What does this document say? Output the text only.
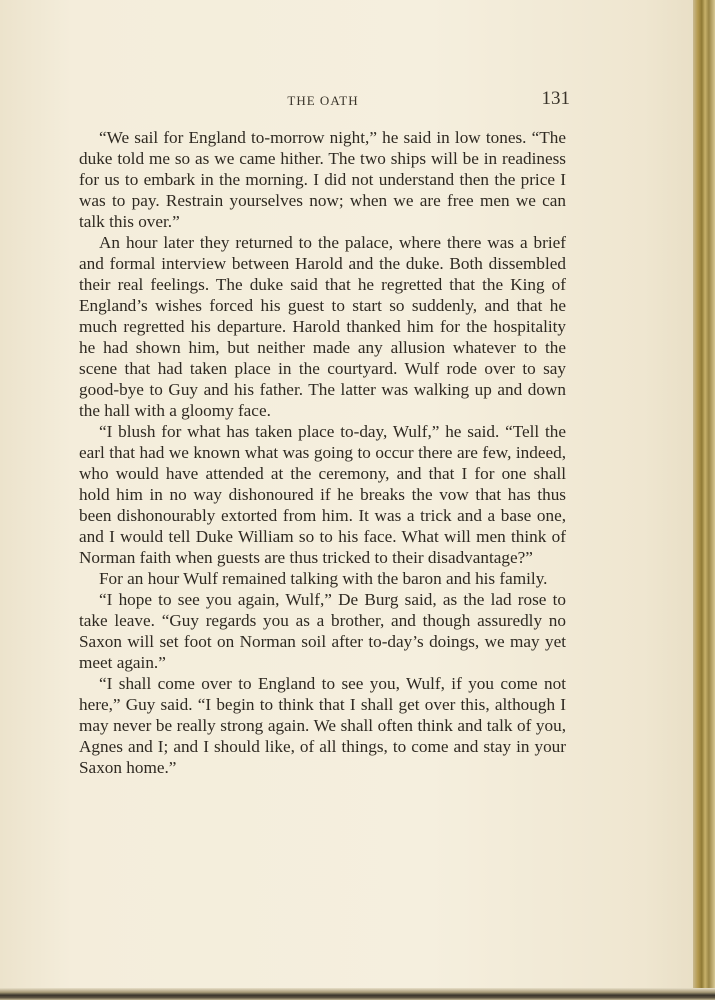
THE OATH	131

“We sail for England to-morrow night,” he said in low tones. “The duke told me so as we came hither. The two ships will be in readiness for us to embark in the morning. I did not understand then the price I was to pay. Restrain yourselves now; when we are free men we can talk this over.”

An hour later they returned to the palace, where there was a brief and formal interview between Harold and the duke. Both dissembled their real feelings. The duke said that he regretted that the King of England’s wishes forced his guest to start so suddenly, and that he much regretted his departure. Harold thanked him for the hospitality he had shown him, but neither made any allusion whatever to the scene that had taken place in the courtyard. Wulf rode over to say good-bye to Guy and his father. The latter was walking up and down the hall with a gloomy face.

“I blush for what has taken place to-day, Wulf,” he said. “Tell the earl that had we known what was going to occur there are few, indeed, who would have attended at the ceremony, and that I for one shall hold him in no way dishonoured if he breaks the vow that has thus been dishonourably extorted from him. It was a trick and a base one, and I would tell Duke William so to his face. What will men think of Norman faith when guests are thus tricked to their disadvantage?”

For an hour Wulf remained talking with the baron and his family.

“I hope to see you again, Wulf,” De Burg said, as the lad rose to take leave. “Guy regards you as a brother, and though assuredly no Saxon will set foot on Norman soil after to-day’s doings, we may yet meet again.”

“I shall come over to England to see you, Wulf, if you come not here,” Guy said. “I begin to think that I shall get over this, although I may never be really strong again. We shall often think and talk of you, Agnes and I; and I should like, of all things, to come and stay in your Saxon home.”
